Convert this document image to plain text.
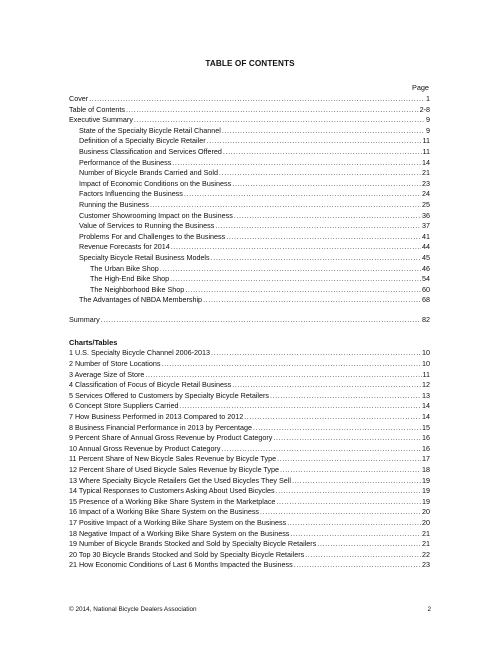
TABLE OF CONTENTS
Page
Cover .....	1
Table of Contents .....	2-8
Executive Summary .....	9
State of the Specialty Bicycle Retail Channel .....	9
Definition of a Specialty Bicycle Retailer .....	11
Business Classification and Services Offered .....	11
Performance of the Business .....	14
Number of Bicycle Brands Carried and Sold .....	21
Impact of Economic Conditions on the Business .....	23
Factors Influencing the Business .....	24
Running the Business .....	25
Customer Showrooming Impact on the Business .....	36
Value of Services to Running the Business .....	37
Problems For and Challenges to the Business .....	41
Revenue Forecasts for 2014 .....	44
Specialty Bicycle Retail Business Models .....	45
The Urban Bike Shop .....	46
The High-End Bike Shop .....	54
The Neighborhood Bike Shop .....	60
The Advantages of NBDA Membership .....	68
Summary .....	82
Charts/Tables
1 U.S. Specialty Bicycle Channel 2006-2013 .....	10
2 Number of Store Locations .....	10
3 Average Size of Store .....	11
4 Classification of Focus of Bicycle Retail Business .....	12
5 Services Offered to Customers by Specialty Bicycle Retailers .....	13
6 Concept Store Suppliers Carried .....	14
7 How Business Performed in 2013 Compared to 2012 .....	14
8 Business Financial Performance in 2013 by Percentage .....	15
9 Percent Share of Annual Gross Revenue by Product Category .....	16
10 Annual Gross Revenue by Product Category .....	16
11 Percent Share of New Bicycle Sales Revenue by Bicycle Type .....	17
12 Percent Share of Used Bicycle Sales Revenue by Bicycle Type .....	18
13 Where Specialty Bicycle Retailers Get the Used Bicycles They Sell .....	19
14 Typical Responses to Customers Asking About Used Bicycles .....	19
15 Presence of a Working Bike Share System in the Marketplace .....	19
16 Impact of a Working Bike Share System on the Business .....	20
17 Positive Impact of a Working Bike Share System on the Business .....	20
18 Negative Impact of a Working Bike Share System on the Business .....	21
19 Number of Bicycle Brands Stocked and Sold by Specialty Bicycle Retailers .....	21
20 Top 30 Bicycle Brands Stocked and Sold by Specialty Bicycle Retailers .....	22
21 How Economic Conditions of Last 6 Months Impacted the Business .....	23
© 2014, National Bicycle Dealers Association	2
